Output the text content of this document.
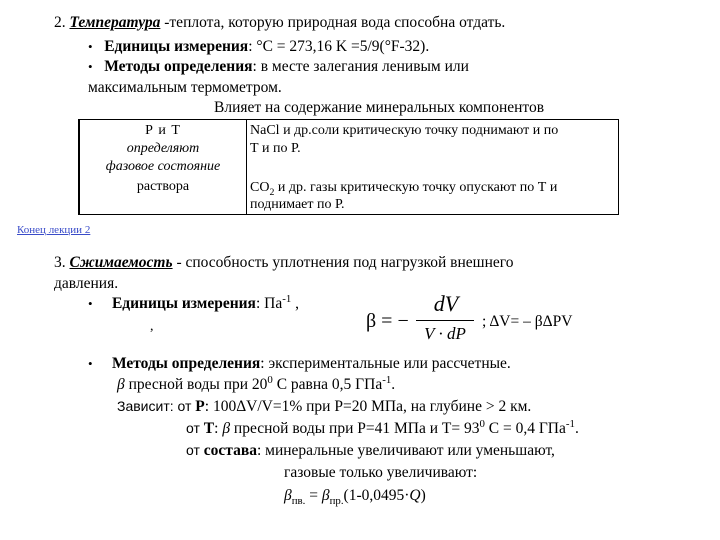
2. Температура -теплота, которую природная вода способна отдать.
• Единицы измерения: °C = 273,16 K =5/9(°F-32).
• Методы определения: в месте залегания ленивым или
максимальным термометром.
Влияет на содержание минеральных компонентов
Р и Т
определяют
фазовое состояние
раствора
NaCl и др.соли критическую точку поднимают и по
Т и по Р.
$CO_2$ и др. газы критическую точку опускают по Т и
поднимает по Р.
Конец лекции 2
3. Сжимаемость - способность уплотнения под нагрузкой внешнего
давления.
• Единицы измерения: $Па^{-1}$ ,
,	β = −
dV
V · dP
; ΔV= – βΔPV
• Методы определения: экспериментальные или рассчетные.
β пресной воды при $20^0$ С равна 0,5 ГПа$^{-1}$.
Зависит: от Р: 100ΔV/V=1% при Р=20 МПа, на глубине > 2 км.
от Т: β пресной воды при Р=41 МПа и $Т= 93^0$ С = 0,4 ГПа$^{-1}$.
от состава: минеральные увеличивают или уменьшают,
газовые только увеличивают:
$\beta_{пв.} = \beta_{пр.}(1-0,0495\cdot Q)$
